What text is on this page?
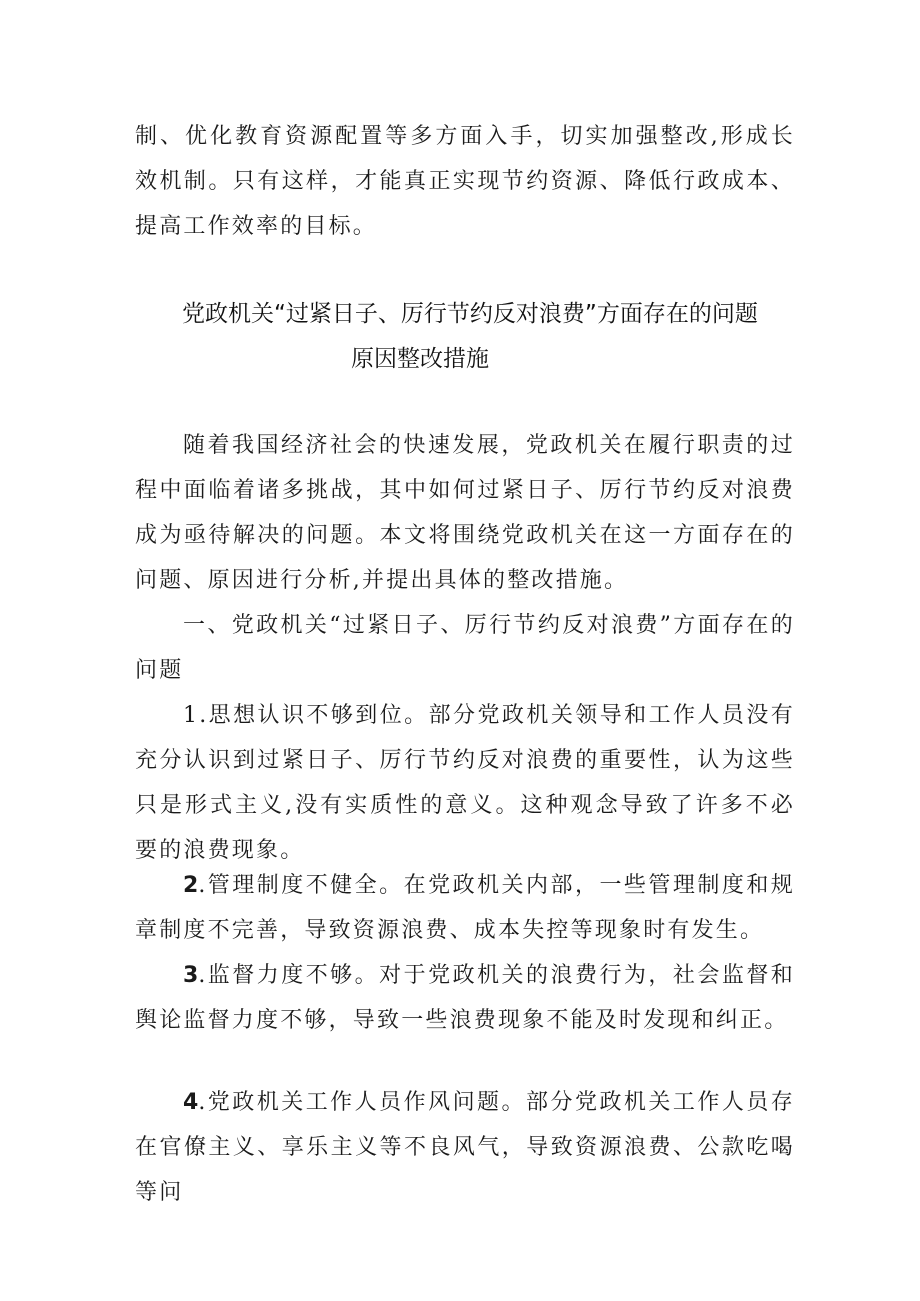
制、优化教育资源配置等多方面入手，切实加强整改,形成长效机制。只有这样，才能真正实现节约资源、降低行政成本、提高工作效率的目标。

党政机关“过紧日子、厉行节约反对浪费”方面存在的问题
原因整改措施

随着我国经济社会的快速发展，党政机关在履行职责的过程中面临着诸多挑战，其中如何过紧日子、厉行节约反对浪费成为亟待解决的问题。本文将围绕党政机关在这一方面存在的问题、原因进行分析,并提出具体的整改措施。

一、党政机关“过紧日子、厉行节约反对浪费”方面存在的问题

1.思想认识不够到位。部分党政机关领导和工作人员没有充分认识到过紧日子、厉行节约反对浪费的重要性，认为这些只是形式主义,没有实质性的意义。这种观念导致了许多不必要的浪费现象。

2.管理制度不健全。在党政机关内部，一些管理制度和规章制度不完善，导致资源浪费、成本失控等现象时有发生。

3.监督力度不够。对于党政机关的浪费行为，社会监督和舆论监督力度不够，导致一些浪费现象不能及时发现和纠正。

4.党政机关工作人员作风问题。部分党政机关工作人员存在官僚主义、享乐主义等不良风气，导致资源浪费、公款吃喝等问
